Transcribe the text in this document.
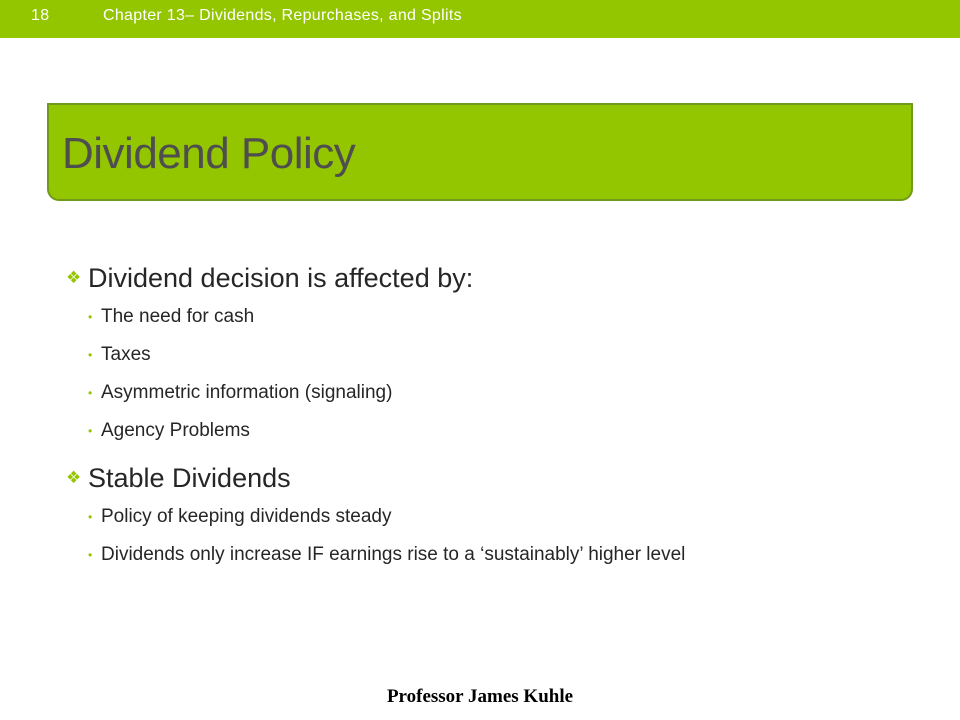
18	Chapter 13– Dividends, Repurchases, and Splits
Dividend Policy
❖ Dividend decision is affected by:
• The need for cash
• Taxes
• Asymmetric information (signaling)
• Agency Problems
❖ Stable Dividends
• Policy of keeping dividends steady
• Dividends only increase IF earnings rise to a ‘sustainably’ higher level
Professor James Kuhle
